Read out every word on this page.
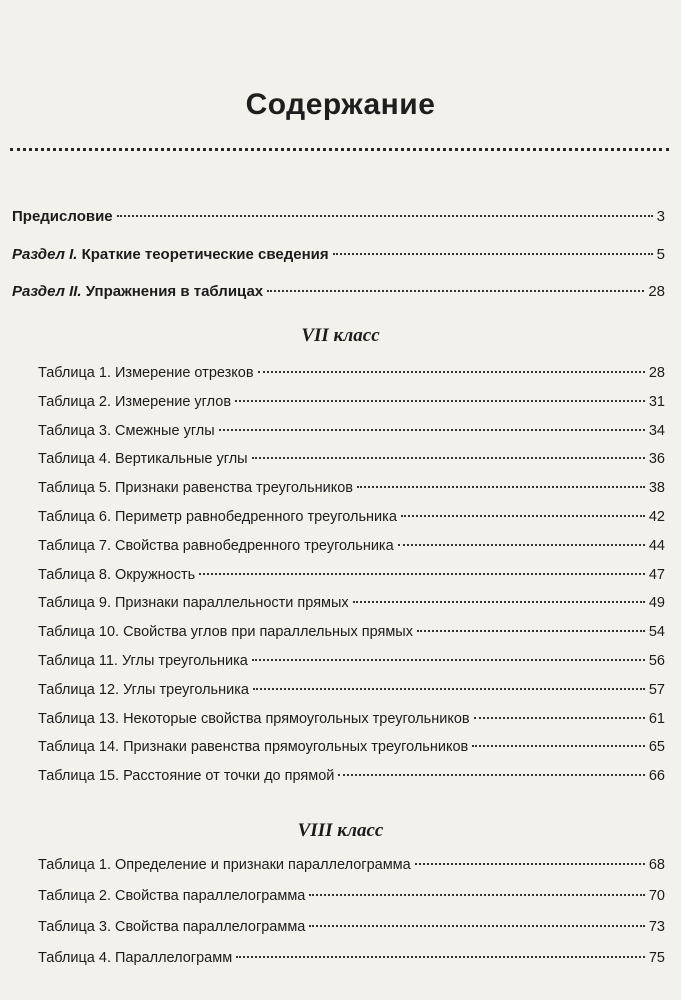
Содержание
Предисловие	3
Раздел I. Краткие теоретические сведения	5
Раздел II. Упражнения в таблицах	28
VII класс
Таблица 1. Измерение отрезков	28
Таблица 2. Измерение углов	31
Таблица 3. Смежные углы	34
Таблица 4. Вертикальные углы	36
Таблица 5. Признаки равенства треугольников	38
Таблица 6. Периметр равнобедренного треугольника	42
Таблица 7. Свойства равнобедренного треугольника	44
Таблица 8. Окружность	47
Таблица 9. Признаки параллельности прямых	49
Таблица 10. Свойства углов при параллельных прямых	54
Таблица 11. Углы треугольника	56
Таблица 12. Углы треугольника	57
Таблица 13. Некоторые свойства прямоугольных треугольников	61
Таблица 14. Признаки равенства прямоугольных треугольников	65
Таблица 15. Расстояние от точки до прямой	66
VIII класс
Таблица 1. Определение и признаки параллелограмма	68
Таблица 2. Свойства параллелограмма	70
Таблица 3. Свойства параллелограмма	73
Таблица 4. Параллелограмм	75
